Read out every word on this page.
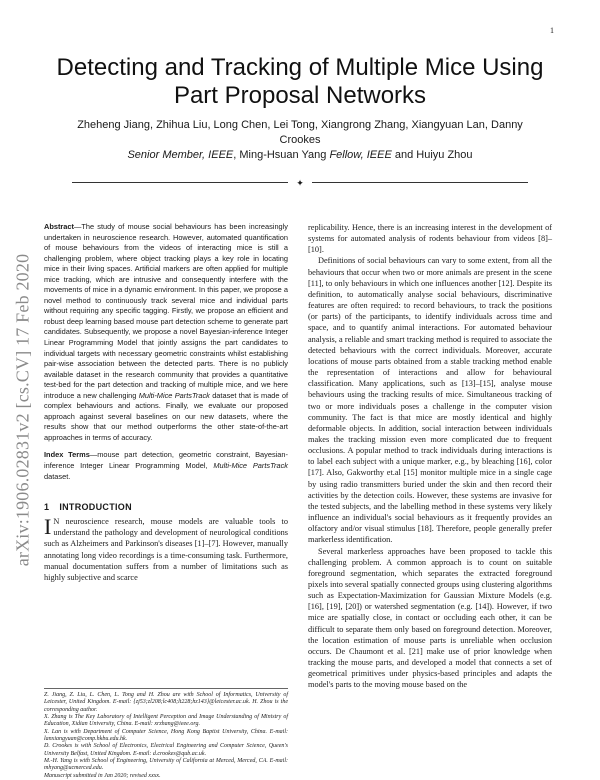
1
arXiv:1906.02831v2 [cs.CV] 17 Feb 2020
Detecting and Tracking of Multiple Mice Using Part Proposal Networks
Zheheng Jiang, Zhihua Liu, Long Chen, Lei Tong, Xiangrong Zhang, Xiangyuan Lan, Danny Crookes
Senior Member, IEEE, Ming-Hsuan Yang Fellow, IEEE and Huiyu Zhou
✦

Abstract—The study of mouse social behaviours has been increasingly undertaken in neuroscience research. However, automated quantification of mouse behaviours from the videos of interacting mice is still a challenging problem, where object tracking plays a key role in locating mice in their living spaces. Artificial markers are often applied for multiple mice tracking, which are intrusive and consequently interfere with the movements of mice in a dynamic environment. In this paper, we propose a novel method to continuously track several mice and individual parts without requiring any specific tagging. Firstly, we propose an efficient and robust deep learning based mouse part detection scheme to generate part candidates. Subsequently, we propose a novel Bayesian-inference Integer Linear Programming Model that jointly assigns the part candidates to individual targets with necessary geometric constraints whilst establishing pair-wise association between the detected parts. There is no publicly available dataset in the research community that provides a quantitative test-bed for the part detection and tracking of multiple mice, and we here introduce a new challenging Multi-Mice PartsTrack dataset that is made of complex behaviours and actions. Finally, we evaluate our proposed approach against several baselines on our new datasets, where the results show that our method outperforms the other state-of-the-art approaches in terms of accuracy.

Index Terms—mouse part detection, geometric constraint, Bayesian-inference Integer Linear Programming Model, Multi-Mice PartsTrack dataset.

1 INTRODUCTION

I N neuroscience research, mouse models are valuable tools to understand the pathology and development of neurological conditions such as Alzheimers and Parkinson's diseases [1]–[7]. However, manually annotating long video recordings is a time-consuming task. Furthermore, manual documentation suffers from a number of limitations such as highly subjective and scarce

replicability. Hence, there is an increasing interest in the development of systems for automated analysis of rodents behaviour from videos [8]–[10].

Definitions of social behaviours can vary to some extent, from all the behaviours that occur when two or more animals are present in the scene [11], to only behaviours in which one influences another [12]. Despite its definition, to automatically analyse social behaviours, discriminative features are often required: to record behaviours, to track the positions (or parts) of the participants, to identify individuals across time and space, and to quantify animal interactions. For automated behaviour analysis, a reliable and smart tracking method is required to associate the detected behaviours with the correct individuals. Moreover, accurate locations of mouse parts obtained from a stable tracking method enable the representation of interactions and allow for behavioural classification. Many applications, such as [13]–[15], analyse mouse behaviours using the tracking results of mice. Simultaneous tracking of two or more individuals poses a challenge in the computer vision community. The fact is that mice are mostly identical and highly deformable objects. In addition, social interaction between individuals makes the tracking mission even more complicated due to frequent occlusions. A popular method to track individuals during interactions is to label each subject with a unique marker, e.g., by bleaching [16], color [17]. Also, Gakworthy et.al [15] monitor multiple mice in a single cage by using radio transmitters buried under the skin and then record their activities by the detection coils. However, these systems are invasive for the tested subjects, and the labelling method in these systems very likely influence an individual's social behaviours as it frequently provides an olfactory and/or visual stimulus [18]. Therefore, people generally prefer markerless identification.

Several markerless approaches have been proposed to tackle this challenging problem. A common approach is to count on suitable foreground segmentation, which separates the extracted foreground pixels into several spatially connected groups using clustering algorithms such as Expectation-Maximization for Gaussian Mixture Models (e.g. [16], [19], [20]) or watershed segmentation (e.g. [14]). However, if two mice are spatially close, in contact or occluding each other, it can be difficult to separate them only based on foreground detection. Moreover, the location estimation of mouse parts is unreliable when occlusion occurs. De Chaumont et al. [21] make use of prior knowledge when tracking the mouse parts, and developed a model that connects a set of geometrical primitives under physics-based principles and adapts the model's parts to the moving mouse based on the

Z. Jiang, Z. Liu, L. Chen, L. Tong and H. Zhou are with School of Informatics, University of Leicester, United Kingdom. E-mail: {zj53;zl208;lc408;lt228;hz143}@leicester.ac.uk. H. Zhou is the corresponding author.

X. Zhang is The Key Laboratory of Intelligent Perception and Image Understanding of Ministry of Education, Xidian University, China. E-mail: xrzhang@ieee.org.

X. Lan is with Department of Computer Science, Hong Kong Baptist University, China. E-mail: lanxiangyuan@comp.hkbu.edu.hk.

D. Crookes is with School of Electronics, Electrical Engineering and Computer Science, Queen's University Belfast, United Kingdom. E-mail: d.crookes@qub.ac.uk.

M.-H. Yang is with School of Engineering, University of California at Merced, Merced, CA. E-mail: mhyang@ucmerced.edu.

Manuscript submitted in Jan 2020; revised xxxx.
